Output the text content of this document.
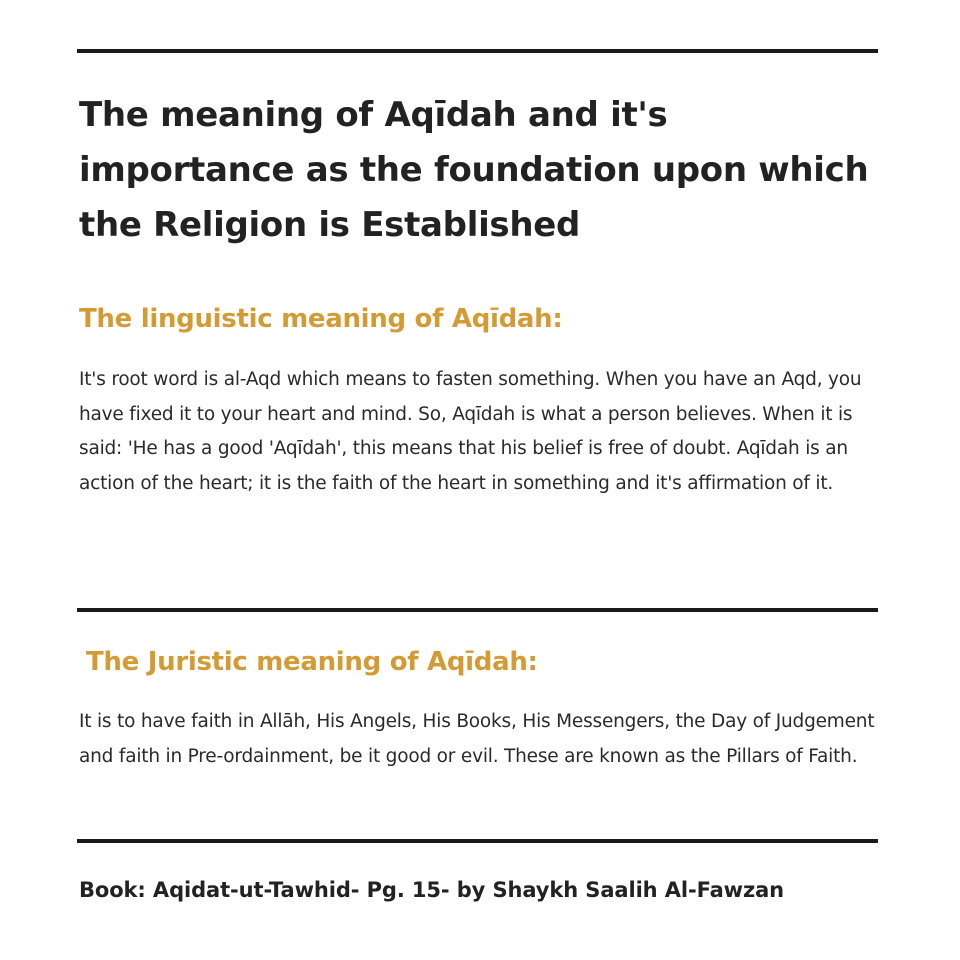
The meaning of Aqīdah and it's importance as the foundation upon which the Religion is Established
The linguistic meaning of Aqīdah:

It's root word is al-Aqd which means to fasten something. When you have an Aqd, you have fixed it to your heart and mind. So, Aqīdah is what a person believes. When it is said: 'He has a good 'Aqīdah', this means that his belief is free of doubt. Aqīdah is an action of the heart; it is the faith of the heart in something and it's affirmation of it.

The Juristic meaning of Aqīdah:

It is to have faith in Allāh, His Angels, His Books, His Messengers, the Day of Judgement and faith in Pre-ordainment, be it good or evil. These are known as the Pillars of Faith.

Book: Aqidat-ut-Tawhid- Pg. 15- by Shaykh Saalih Al-Fawzan
